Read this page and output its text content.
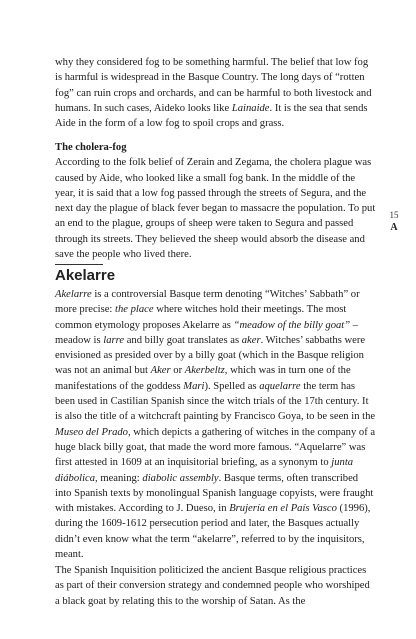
why they considered fog to be something harmful. The belief that low fog is harmful is widespread in the Basque Country. The long days of “rotten fog” can ruin crops and orchards, and can be harmful to both livestock and humans. In such cases, Aideko looks like Lainaide. It is the sea that sends Aide in the form of a low fog to spoil crops and grass.

The cholera-fog

According to the folk belief of Zerain and Zegama, the cholera plague was caused by Aide, who looked like a small fog bank. In the middle of the year, it is said that a low fog passed through the streets of Segura, and the next day the plague of black fever began to massacre the population. To put an end to the plague, groups of sheep were taken to Segura and passed through its streets. They believed the sheep would absorb the disease and save the people who lived there.

15
A
Akelarre

Akelarre is a controversial Basque term denoting “Witches’ Sabbath” or more precise: the place where witches hold their meetings. The most common etymology proposes Akelarre as “meadow of the billy goat” – meadow is larre and billy goat translates as aker. Witches’ sabbaths were envisioned as presided over by a billy goat (which in the Basque religion was not an animal but Aker or Akerbeltz, which was in turn one of the manifestations of the goddess Mari). Spelled as aquelarre the term has been used in Castilian Spanish since the witch trials of the 17th century. It is also the title of a witchcraft painting by Francisco Goya, to be seen in the Museo del Prado, which depicts a gathering of witches in the company of a huge black billy goat, that made the word more famous. “Aquelarre” was first attested in 1609 at an inquisitorial briefing, as a synonym to junta diábolica, meaning: diabolic assembly. Basque terms, often transcribed into Spanish texts by monolingual Spanish language copyists, were fraught with mistakes. According to J. Dueso, in Brujería en el País Vasco (1996), during the 1609-1612 persecution period and later, the Basques actually didn’t even know what the term “akelarre”, referred to by the inquisitors, meant.

The Spanish Inquisition politicized the ancient Basque religious practices as part of their conversion strategy and condemned people who worshiped a black goat by relating this to the worship of Satan. As the
